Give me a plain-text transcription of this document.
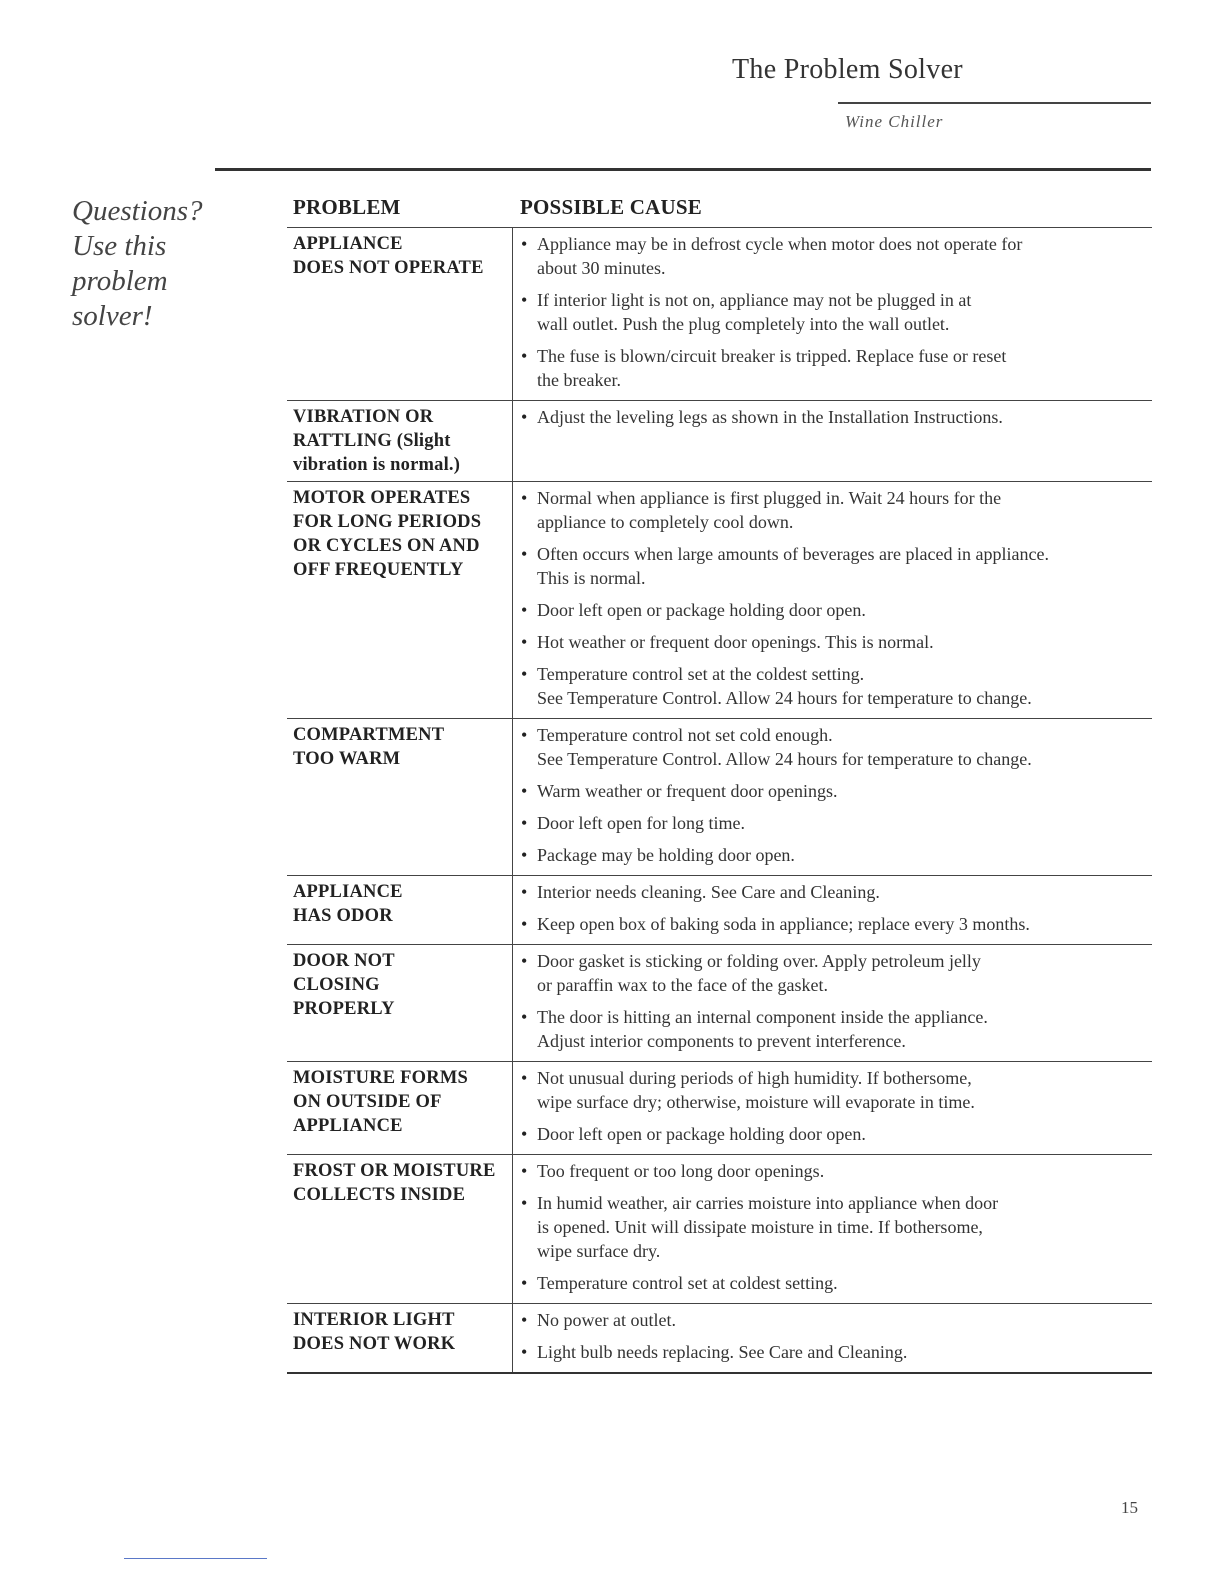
The Problem Solver
Wine Chiller
Questions?
Use this
problem
solver!
PROBLEM	POSSIBLE CAUSE
APPLIANCE
DOES NOT OPERATE
• Appliance may be in defrost cycle when motor does not operate for
about 30 minutes.
• If interior light is not on, appliance may not be plugged in at
wall outlet. Push the plug completely into the wall outlet.
• The fuse is blown/circuit breaker is tripped. Replace fuse or reset
the breaker.
VIBRATION OR
RATTLING (Slight
vibration is normal.)
• Adjust the leveling legs as shown in the Installation Instructions.
MOTOR OPERATES
FOR LONG PERIODS
OR CYCLES ON AND
OFF FREQUENTLY
• Normal when appliance is first plugged in. Wait 24 hours for the
appliance to completely cool down.
• Often occurs when large amounts of beverages are placed in appliance.
This is normal.
• Door left open or package holding door open.
• Hot weather or frequent door openings. This is normal.
• Temperature control set at the coldest setting.
See Temperature Control. Allow 24 hours for temperature to change.
COMPARTMENT
TOO WARM
• Temperature control not set cold enough.
See Temperature Control. Allow 24 hours for temperature to change.
• Warm weather or frequent door openings.
• Door left open for long time.
• Package may be holding door open.
APPLIANCE
HAS ODOR
• Interior needs cleaning. See Care and Cleaning.
• Keep open box of baking soda in appliance; replace every 3 months.
DOOR NOT
CLOSING
PROPERLY
• Door gasket is sticking or folding over. Apply petroleum jelly
or paraffin wax to the face of the gasket.
• The door is hitting an internal component inside the appliance.
Adjust interior components to prevent interference.
MOISTURE FORMS
ON OUTSIDE OF
APPLIANCE
• Not unusual during periods of high humidity. If bothersome,
wipe surface dry; otherwise, moisture will evaporate in time.
• Door left open or package holding door open.
FROST OR MOISTURE
COLLECTS INSIDE
• Too frequent or too long door openings.
• In humid weather, air carries moisture into appliance when door
is opened. Unit will dissipate moisture in time. If bothersome,
wipe surface dry.
• Temperature control set at coldest setting.
INTERIOR LIGHT
DOES NOT WORK
• No power at outlet.
• Light bulb needs replacing. See Care and Cleaning.
15
